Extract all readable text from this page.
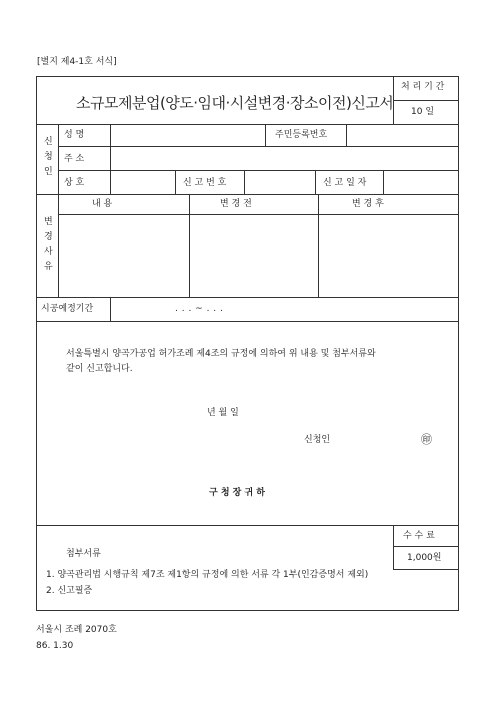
[별지 제4-1호 서식]
소규모제분업(양도·임대·시설변경·장소이전)신고서
처 리 기 간
10 일
신
청
인
성 명	주민등록번호
주 소
상 호	신 고 번 호	신 고 일 자
변
경
사
유
내 용	변 경 전	변 경 후
시공예정기간	. . . ~ . . .
서울특별시 양곡가공업 허가조례 제4조의 규정에 의하여 위 내용 및 첨부서류와
같이 신고합니다.
년 월 일
신청인	㊞
구 청 장 귀 하
수 수 료
1,000원
첨부서류
1. 양곡관리법 시행규칙 제7조 제1항의 규정에 의한 서류 각 1부(인감증명서 제외)
2. 신고필증
서울시 조례 2070호
86. 1.30
